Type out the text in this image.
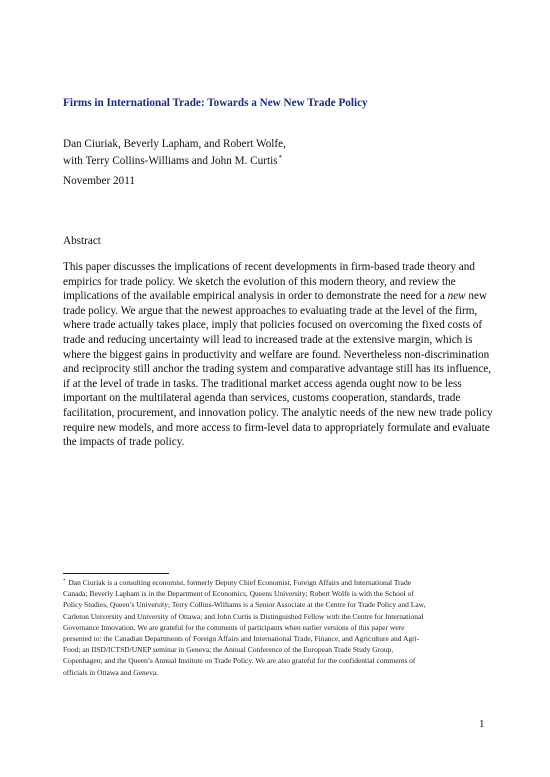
Firms in International Trade: Towards a New New Trade Policy
Dan Ciuriak, Beverly Lapham, and Robert Wolfe,
with Terry Collins-Williams and John M. Curtis*
November 2011
Abstract
This paper discusses the implications of recent developments in firm-based trade theory and
empirics for trade policy. We sketch the evolution of this modern theory, and review the
implications of the available empirical analysis in order to demonstrate the need for a new new
trade policy. We argue that the newest approaches to evaluating trade at the level of the firm,
where trade actually takes place, imply that policies focused on overcoming the fixed costs of
trade and reducing uncertainty will lead to increased trade at the extensive margin, which is
where the biggest gains in productivity and welfare are found. Nevertheless non-discrimination
and reciprocity still anchor the trading system and comparative advantage still has its influence,
if at the level of trade in tasks. The traditional market access agenda ought now to be less
important on the multilateral agenda than services, customs cooperation, standards, trade
facilitation, procurement, and innovation policy. The analytic needs of the new new trade policy
require new models, and more access to firm-level data to appropriately formulate and evaluate
the impacts of trade policy.
* Dan Ciuriak is a consulting economist, formerly Deputy Chief Economist, Foreign Affairs and International Trade
Canada; Beverly Lapham is in the Department of Economics, Queens University; Robert Wolfe is with the School of
Policy Studies, Queen’s University; Terry Collins-Williams is a Senior Associate at the Centre for Trade Policy and Law,
Carleton University and University of Ottawa; and John Curtis is Distinguished Fellow with the Centre for International
Governance Innovation. We are grateful for the comments of participants when earlier versions of this paper were
presented to: the Canadian Departments of Foreign Affairs and International Trade, Finance, and Agriculture and Agri-
Food; an IISD/ICTSD/UNEP seminar in Geneva; the Annual Conference of the European Trade Study Group,
Copenhagen; and the Queen’s Annual Institute on Trade Policy. We are also grateful for the confidential comments of
officials in Ottawa and Geneva.
1
